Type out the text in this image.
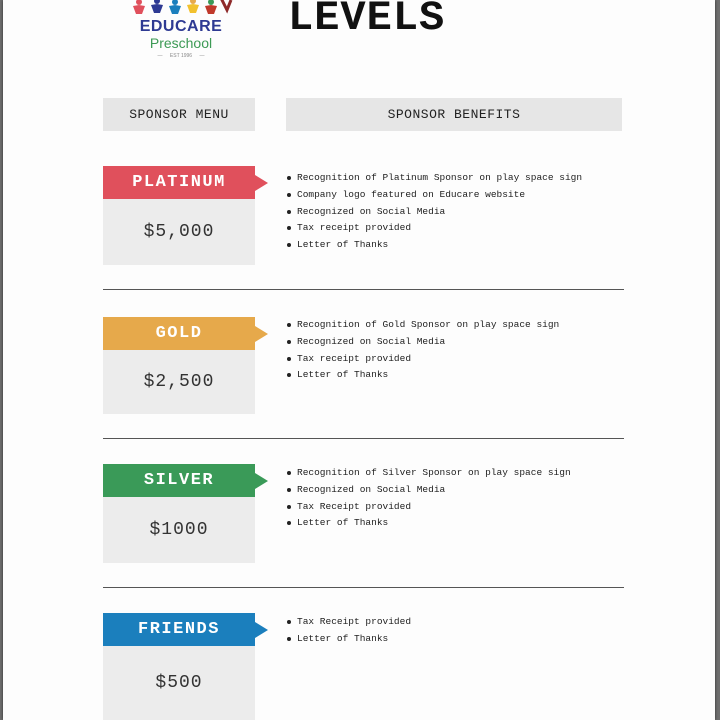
EDUCARE
Preschool
— EST 1996 —
LEVELS
SPONSOR MENU	SPONSOR BENEFITS
PLATINUM
$5,000
Recognition of Platinum Sponsor on play space sign
Company logo featured on Educare website
Recognized on Social Media
Tax receipt provided
Letter of Thanks
GOLD
$2,500
Recognition of Gold Sponsor on play space sign
Recognized on Social Media
Tax receipt provided
Letter of Thanks
SILVER
$1000
Recognition of Silver Sponsor on play space sign
Recognized on Social Media
Tax Receipt provided
Letter of Thanks
FRIENDS
$500
Tax Receipt provided
Letter of Thanks
